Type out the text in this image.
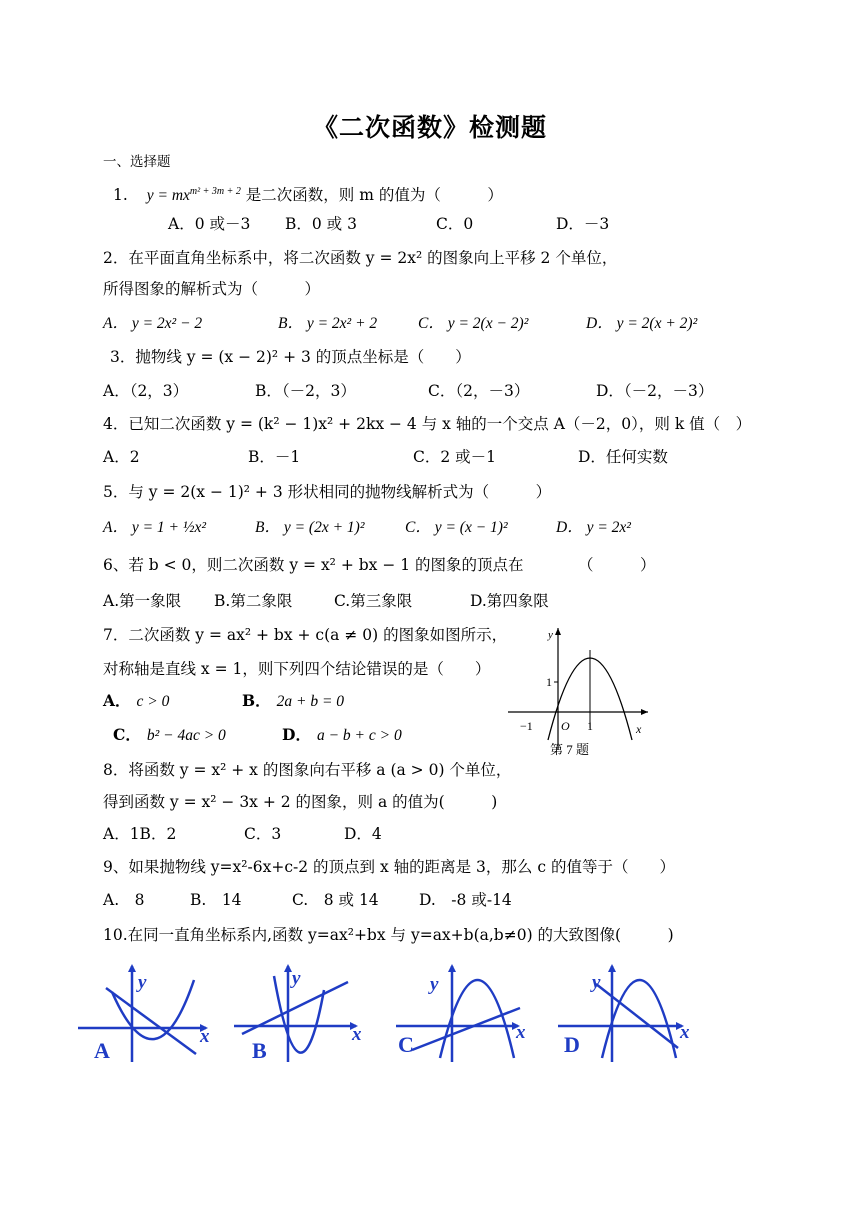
《二次函数》检测题
一、选择题
1. $y = mx^{m^2 + 3m + 2}$ 是二次函数，则 m 的值为（　　　）
A．0 或－3 B．0 或 3	C．0	D．－3
2．在平面直角坐标系中，将二次函数 y = 2x² 的图象向上平移 2 个单位，
所得图象的解析式为（　　　）
A． y = 2x² − 2	B． y = 2x² + 2	C． y = 2(x − 2)²	D． y = 2(x + 2)²
3．抛物线 y = (x − 2)² + 3 的顶点坐标是（　　）
A．（2，3）	B．（－2，3）	C．（2，－3）	D．（－2，－3）
4．已知二次函数 y = (k² − 1)x² + 2kx − 4 与 x 轴的一个交点 A（－2，0），则 k 值（　）
A．2	B．－1	C．2 或－1	D．任何实数
5．与 y = 2(x − 1)² + 3 形状相同的抛物线解析式为（　　　）
A． y = 1 + ½x²	B． y = (2x + 1)²	C． y = (x − 1)²	D． y = 2x²
6、若 b < 0，则二次函数 y = x² + bx − 1 的图象的顶点在	（　　　）
A.第一象限 B.第二象限	C.第三象限	D.第四象限
7．二次函数 y = ax² + bx + c(a ≠ 0) 的图象如图所示，
对称轴是直线 x = 1，则下列四个结论错误的是（　　）
A． c > 0	B． 2a + b = 0
C． b² − 4ac > 0	D． a − b + c > 0
y
x
O
−1	1
1
第 7 题
8．将函数 y = x² + x 的图象向右平移 a (a > 0) 个单位，
得到函数 y = x² − 3x + 2 的图象，则 a 的值为(　　　)
A．1B．2	C．3	D．4
9、如果抛物线 y=x²-6x+c-2 的顶点到 x 轴的距离是 3，那么 c 的值等于（　　）
A.　8	B.　14	C.　8 或 14	D.　-8 或-14
10.在同一直角坐标系内,函数 y=ax²+bx 与 y=ax+b(a,b≠0) 的大致图像(　　　)
y
x
A
y
x
B
y
x
C
y
x
D
